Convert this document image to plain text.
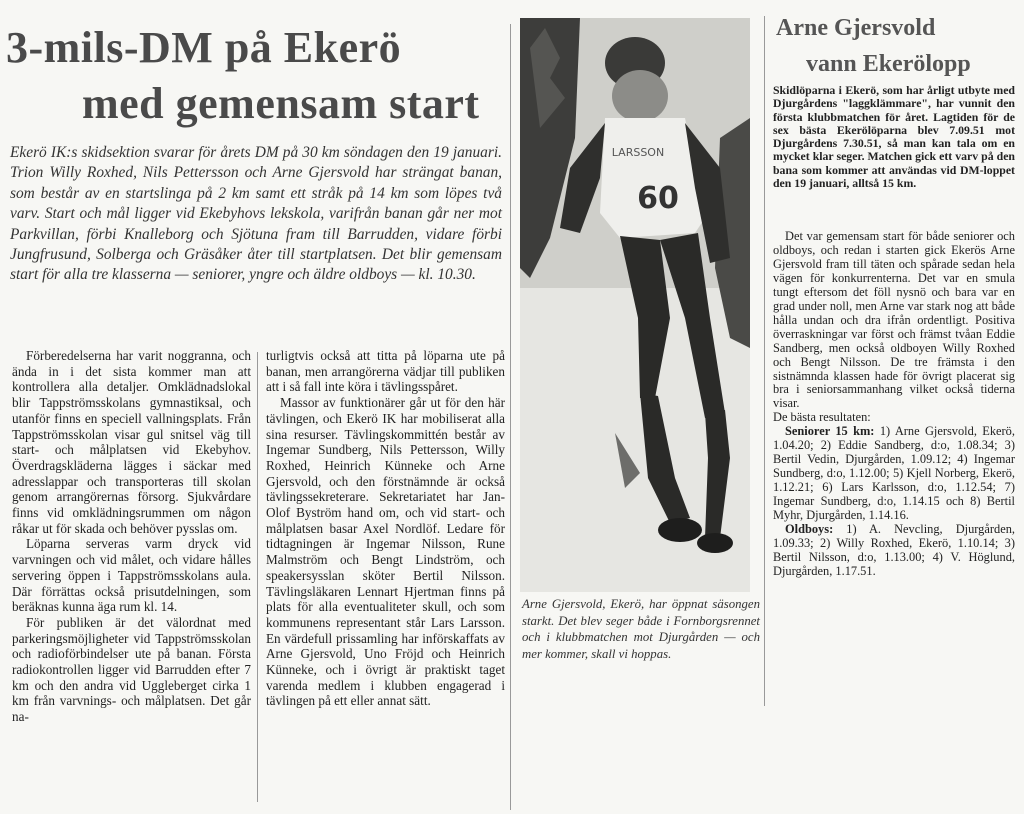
3-mils-DM på Ekerö
med gemensam start
Ekerö IK:s skidsektion svarar för årets DM på 30 km söndagen den 19 januari. Trion Willy Roxhed, Nils Pettersson och Arne Gjersvold har strängat banan, som består av en startslinga på 2 km samt ett stråk på 14 km som löpes två varv. Start och mål ligger vid Ekebyhovs lekskola, varifrån banan går ner mot Parkvillan, förbi Knalleborg och Sjötuna fram till Barrudden, vidare förbi Jungfrusund, Solberga och Gräsåker åter till startplatsen. Det blir gemensam start för alla tre klasserna — seniorer, yngre och äldre oldboys — kl. 10.30.

Förberedelserna har varit noggranna, och ända in i det sista kommer man att kontrollera alla detaljer. Omklädnadslokal blir Tappströmsskolans gymnastiksal, och utanför finns en speciell vallningsplats. Från Tappströmsskolan visar gul snitsel väg till start- och målplatsen vid Ekebyhov. Överdragskläderna lägges i säckar med adresslappar och transporteras till skolan genom arrangörernas försorg. Sjukvårdare finns vid omklädningsrummen om någon råkar ut för skada och behöver pysslas om.

Löparna serveras varm dryck vid varvningen och vid målet, och vidare hålles servering öppen i Tappströmsskolans aula. Där förrättas också prisutdelningen, som beräknas kunna äga rum kl. 14.

För publiken är det välordnat med parkeringsmöjligheter vid Tappströmsskolan och radioförbindelser ute på banan. Första radiokontrollen ligger vid Barrudden efter 7 km och den andra vid Uggleberget cirka 1 km från varvnings- och målplatsen. Det går na-

turligtvis också att titta på löparna ute på banan, men arrangörerna vädjar till publiken att i så fall inte köra i tävlingsspåret.

Massor av funktionärer går ut för den här tävlingen, och Ekerö IK har mobiliserat alla sina resurser. Tävlingskommittén består av Ingemar Sundberg, Nils Pettersson, Willy Roxhed, Heinrich Künneke och Arne Gjersvold, och den förstnämnde är också tävlingssekreterare. Sekretariatet har Jan-Olof Byström hand om, och vid start- och målplatsen basar Axel Nordlöf. Ledare för tidtagningen är Ingemar Nilsson, Rune Malmström och Bengt Lindström, och speakersysslan sköter Bertil Nilsson. Tävlingsläkaren Lennart Hjertman finns på plats för alla eventualiteter skull, och som kommunens representant står Lars Larsson. En värdefull prissamling har införskaffats av Arne Gjersvold, Uno Fröjd och Heinrich Künneke, och i övrigt är praktiskt taget varenda medlem i klubben engagerad i tävlingen på ett eller annat sätt.

LARSSON
60
Arne Gjersvold, Ekerö, har öppnat säsongen starkt. Det blev seger både i Fornborgsrennet och i klubbmatchen mot Djurgården — och mer kommer, skall vi hoppas.
Arne Gjersvold
vann Ekerölopp
Skidlöparna i Ekerö, som har årligt utbyte med Djurgårdens "laggklämmare", har vunnit den första klubbmatchen för året. Lagtiden för de sex bästa Ekerölöparna blev 7.09.51 mot Djurgårdens 7.30.51, så man kan tala om en mycket klar seger. Matchen gick ett varv på den bana som kommer att användas vid DM-loppet den 19 januari, alltså 15 km.

Det var gemensam start för både seniorer och oldboys, och redan i starten gick Ekerös Arne Gjersvold fram till täten och spårade sedan hela vägen för konkurrenterna. Det var en smula tungt eftersom det föll nysnö och bara var en grad under noll, men Arne var stark nog att både hålla undan och dra ifrån ordentligt. Positiva överraskningar var först och främst tvåan Eddie Sandberg, men också oldboyen Willy Roxhed och Bengt Nilsson. De tre främsta i den sistnämnda klassen hade för övrigt placerat sig bra i seniorsammanhang vilket också tiderna visar.

De bästa resultaten:

Seniorer 15 km: 1) Arne Gjersvold, Ekerö, 1.04.20; 2) Eddie Sandberg, d:o, 1.08.34; 3) Bertil Vedin, Djurgården, 1.09.12; 4) Ingemar Sundberg, d:o, 1.12.00; 5) Kjell Norberg, Ekerö, 1.12.21; 6) Lars Karlsson, d:o, 1.12.54; 7) Ingemar Sundberg, d:o, 1.14.15 och 8) Bertil Myhr, Djurgården, 1.14.16.

Oldboys: 1) A. Nevcling, Djurgården, 1.09.33; 2) Willy Roxhed, Ekerö, 1.10.14; 3) Bertil Nilsson, d:o, 1.13.00; 4) V. Höglund, Djurgården, 1.17.51.
